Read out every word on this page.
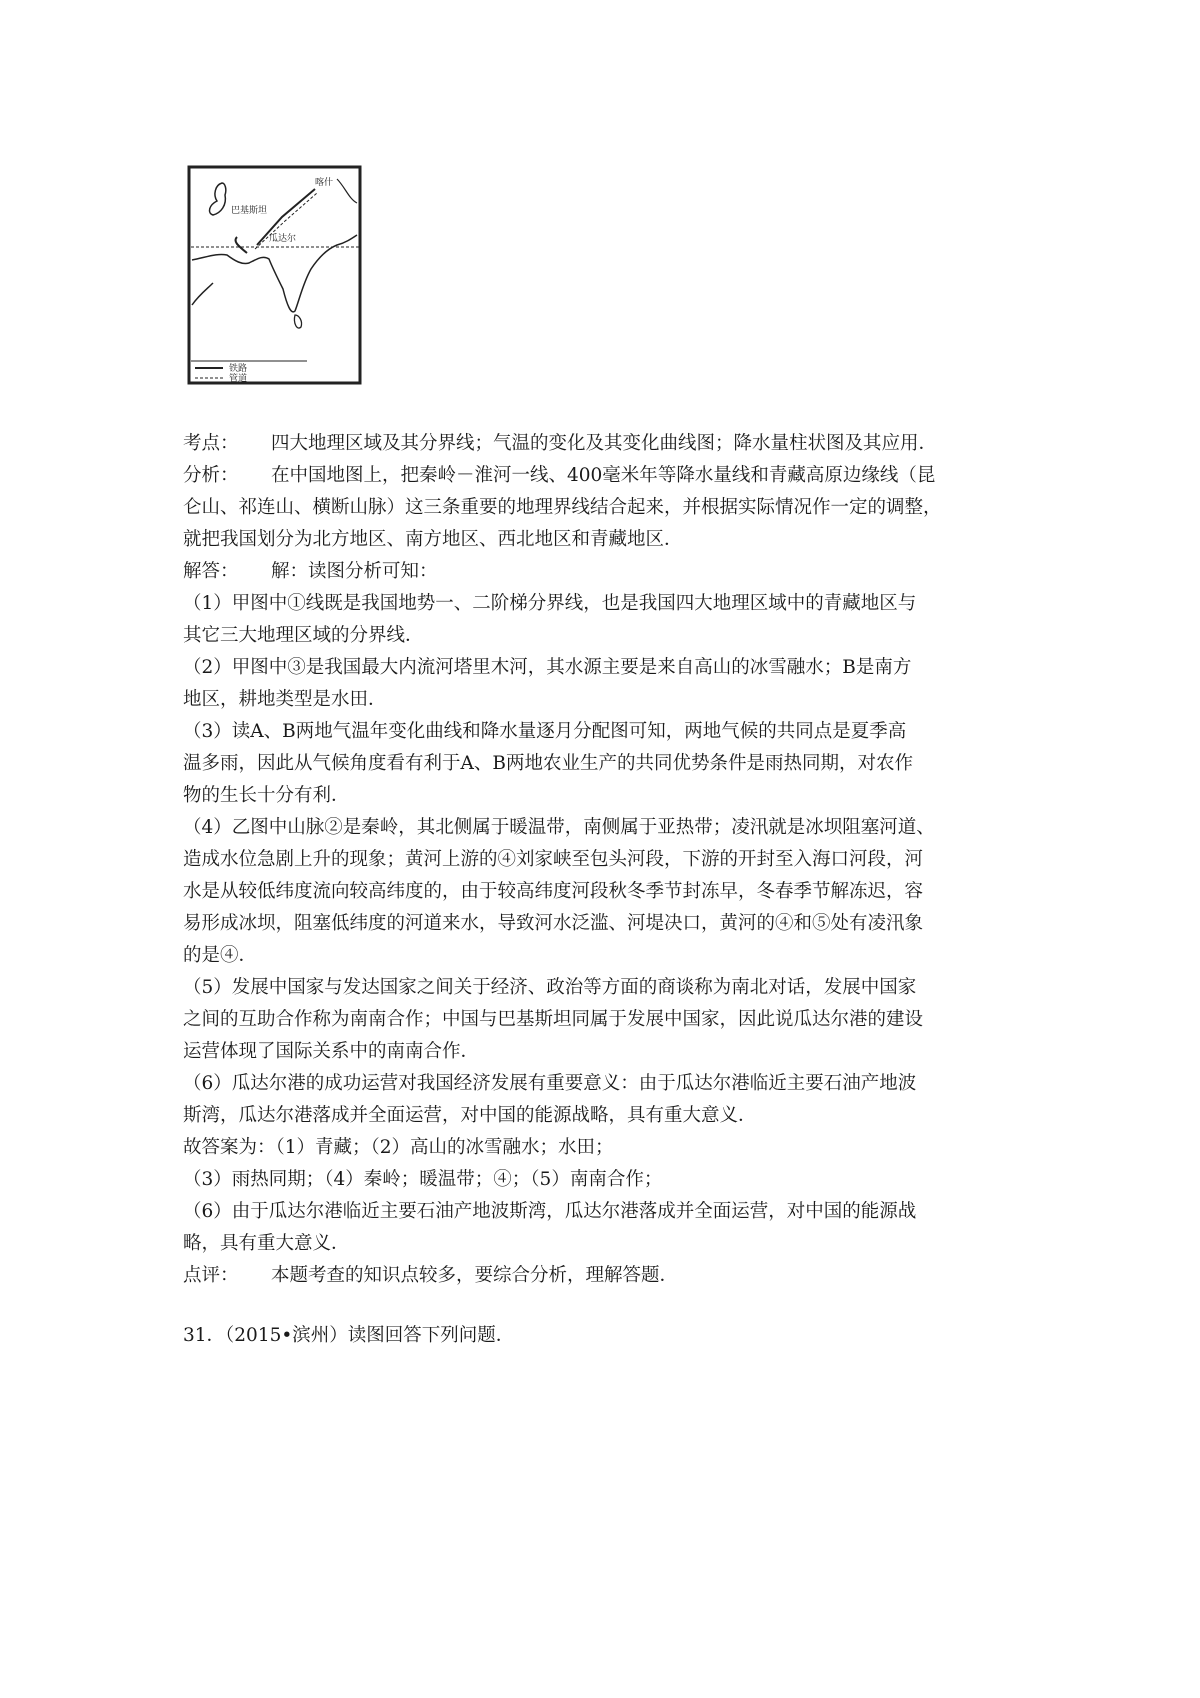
喀什
巴基斯坦
瓜达尔
铁路
管道
考点： 四大地理区域及其分界线；气温的变化及其变化曲线图；降水量柱状图及其应用．
分析： 在中国地图上，把秦岭－淮河一线、400毫米年等降水量线和青藏高原边缘线（昆
仑山、祁连山、横断山脉）这三条重要的地理界线结合起来，并根据实际情况作一定的调整，
就把我国划分为北方地区、南方地区、西北地区和青藏地区．
解答： 解：读图分析可知：
（1）甲图中①线既是我国地势一、二阶梯分界线，也是我国四大地理区域中的青藏地区与
其它三大地理区域的分界线．
（2）甲图中③是我国最大内流河塔里木河，其水源主要是来自高山的冰雪融水；B是南方
地区，耕地类型是水田．
（3）读A、B两地气温年变化曲线和降水量逐月分配图可知，两地气候的共同点是夏季高
温多雨，因此从气候角度看有利于A、B两地农业生产的共同优势条件是雨热同期，对农作
物的生长十分有利．
（4）乙图中山脉②是秦岭，其北侧属于暖温带，南侧属于亚热带；凌汛就是冰坝阻塞河道、
造成水位急剧上升的现象；黄河上游的④刘家峡至包头河段，下游的开封至入海口河段，河
水是从较低纬度流向较高纬度的，由于较高纬度河段秋冬季节封冻早，冬春季节解冻迟，容
易形成冰坝，阻塞低纬度的河道来水，导致河水泛滥、河堤决口，黄河的④和⑤处有凌汛象
的是④．
（5）发展中国家与发达国家之间关于经济、政治等方面的商谈称为南北对话，发展中国家
之间的互助合作称为南南合作；中国与巴基斯坦同属于发展中国家，因此说瓜达尔港的建设
运营体现了国际关系中的南南合作．
（6）瓜达尔港的成功运营对我国经济发展有重要意义：由于瓜达尔港临近主要石油产地波
斯湾，瓜达尔港落成并全面运营，对中国的能源战略，具有重大意义．
故答案为：（1）青藏；（2）高山的冰雪融水；水田；
（3）雨热同期；（4）秦岭；暖温带；④；（5）南南合作；
（6）由于瓜达尔港临近主要石油产地波斯湾，瓜达尔港落成并全面运营，对中国的能源战
略，具有重大意义．
点评： 本题考查的知识点较多，要综合分析，理解答题．
31．（2015•滨州）读图回答下列问题．
